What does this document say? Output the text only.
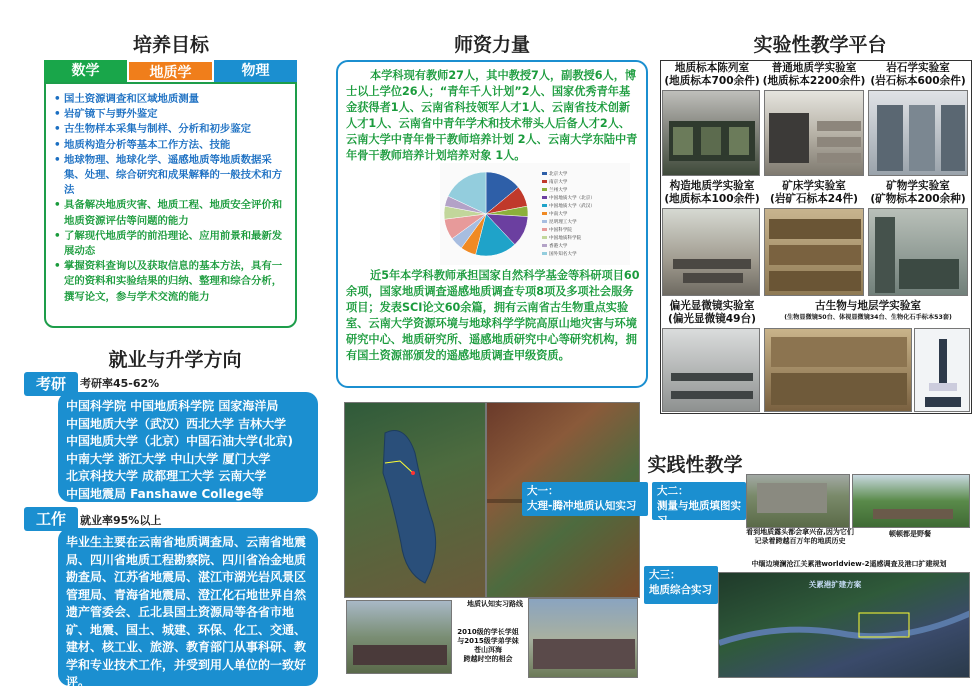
培养目标
数学	地质学	物理
• 国土资源调查和区域地质测量
• 岩矿镜下与野外鉴定
• 古生物样本采集与制样、分析和初步鉴定
• 地质构造分析等基本工作方法、技能
• 地球物理、地球化学、遥感地质等地质数据采集、处理、综合研究和成果解释的一般技术和方法
• 具备解决地质灾害、地质工程、地质安全评价和地质资源评估等问题的能力
• 了解现代地质学的前沿理论、应用前景和最新发展动态
• 掌握资料查询以及获取信息的基本方法，具有一定的资料和实验结果的归纳、整理和综合分析，撰写论文，参与学术交流的能力
就业与升学方向
考研	考研率45-62%
中国科学院 中国地质科学院 国家海洋局
中国地质大学（武汉）西北大学 吉林大学
中国地质大学（北京）中国石油大学(北京)
中南大学 浙江大学 中山大学 厦门大学
北京科技大学 成都理工大学 云南大学
中国地震局 Fanshawe College等
工作	就业率95%以上
毕业生主要在云南省地质调查局、云南省地震局、四川省地质工程勘察院、四川省冶金地质勘查局、江苏省地震局、湛江市湖光岩风景区管理局、青海省地震局、澄江化石地世界自然遗产管委会、丘北县国土资源局等各省市地矿、地震、国土、城建、环保、化工、交通、建材、核工业、旅游、教育部门从事科研、教学和专业技术工作，并受到用人单位的一致好评。
师资力量
本学科现有教师27人，其中教授7人，副教授6人，博士以上学位26人；“青年千人计划”2人、国家优秀青年基金获得者1人、云南省科技领军人才1人、云南省技术创新人才1人、云南省中青年学术和技术带头人后备人才2人、云南大学中青年骨干教师培养计划 2人、云南大学东陆中青年骨干教师培养计划培养对象 1人。
北京大学
南京大学
兰州大学
中国地质大学（北京）
中国地质大学（武汉）
中南大学
昆明理工大学
中国科学院
中国地质科学院
香港大学
国外知名大学
近5年本学科教师承担国家自然科学基金等科研项目60余项，国家地质调查遥感地质调查专项8项及多项社会服务项目；发表SCI论文60余篇，拥有云南省古生物重点实验室、云南大学资源环境与地球科学学院高原山地灾害与环境研究中心、地质研究所、遥感地质研究中心等研究机构，拥有国土资源部颁发的遥感地质调查甲级资质。
实验性教学平台
地质标本陈列室
(地质标本700余件)
普通地质学实验室
(地质标本2200余件)
岩石学实验室
(岩石标本600余件)
构造地质学实验室
(地质标本100余件)
矿床学实验室
(岩矿石标本24件)
矿物学实验室
(矿物标本200余种)
偏光显微镜实验室
(偏光显微镜49台)
古生物与地层学实验室
(生物显微镜50台、体视显微镜34台、生物化石手标本53套)
实践性教学
大一：
大理-腾冲地质认知实习
地质认知实习路线
2010级的学长学姐
与2015级学弟学妹
苍山洱海
跨越时空的相会
大二：
测量与地质填图实习
看到地质露头都会拿兴奋,因为它们记录着跨越百万年的地质历史
顿顿都是野餐
中缅边境澜沧江关累港worldview-2遥感调查及港口扩建规划
大三：
地质综合实习	关累港扩建方案
